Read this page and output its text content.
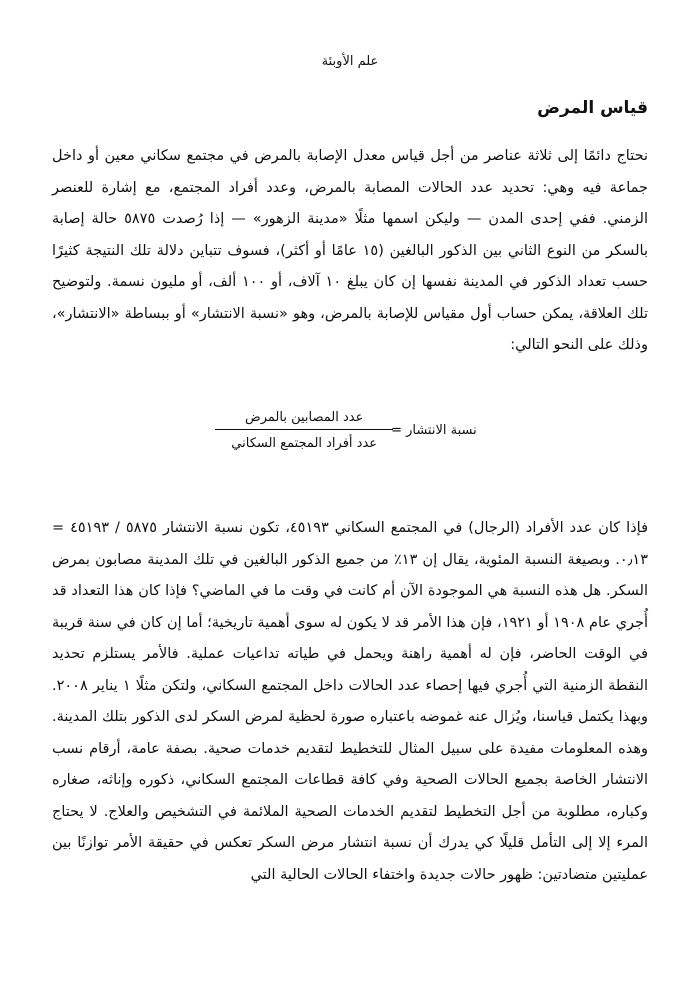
علم الأوبئة
قياس المرض

نحتاج دائمًا إلى ثلاثة عناصر من أجل قياس معدل الإصابة بالمرض في مجتمع سكاني معين أو داخل جماعة فيه وهي: تحديد عدد الحالات المصابة بالمرض، وعدد أفراد المجتمع، مع إشارة للعنصر الزمني. ففي إحدى المدن — وليكن اسمها مثلًا «مدينة الزهور» — إذا رُصدت ٥٨٧٥ حالة إصابة بالسكر من النوع الثاني بين الذكور البالغين (١٥ عامًا أو أكثر)، فسوف تتباين دلالة تلك النتيجة كثيرًا حسب تعداد الذكور في المدينة نفسها إن كان يبلغ ١٠ آلاف، أو ١٠٠ ألف، أو مليون نسمة. ولتوضيح تلك العلاقة، يمكن حساب أول مقياس للإصابة بالمرض، وهو «نسبة الانتشار» أو ببساطة «الانتشار»، وذلك على النحو التالي:

نسبة الانتشار =
$\frac{\text{عدد المصابين بالمرض}}{\text{عدد أفراد المجتمع السكاني}}$

فإذا كان عدد الأفراد (الرجال) في المجتمع السكاني ٤٥١٩٣، تكون نسبة الانتشار ٥٨٧٥ / ٤٥١٩٣ = ٠٫١٣. وبصيغة النسبة المئوية، يقال إن ١٣٪ من جميع الذكور البالغين في تلك المدينة مصابون بمرض السكر. هل هذه النسبة هي الموجودة الآن أم كانت في وقت ما في الماضي؟ فإذا كان هذا التعداد قد أُجري عام ١٩٠٨ أو ١٩٢١، فإن هذا الأمر قد لا يكون له سوى أهمية تاريخية؛ أما إن كان في سنة قريبة في الوقت الحاضر، فإن له أهمية راهنة ويحمل في طياته تداعيات عملية. فالأمر يستلزم تحديد النقطة الزمنية التي أُجري فيها إحصاء عدد الحالات داخل المجتمع السكاني، ولتكن مثلًا ١ يناير ٢٠٠٨. وبهذا يكتمل قياسنا، ويُزال عنه غموضه باعتباره صورة لحظية لمرض السكر لدى الذكور بتلك المدينة. وهذه المعلومات مفيدة على سبيل المثال للتخطيط لتقديم خدمات صحية. بصفة عامة، أرقام نسب الانتشار الخاصة بجميع الحالات الصحية وفي كافة قطاعات المجتمع السكاني، ذكوره وإناثه، صغاره وكباره، مطلوبة من أجل التخطيط لتقديم الخدمات الصحية الملائمة في التشخيص والعلاج. لا يحتاج المرء إلا إلى التأمل قليلًا كي يدرك أن نسبة انتشار مرض السكر تعكس في حقيقة الأمر توازنًا بين عمليتين متضادتين: ظهور حالات جديدة واختفاء الحالات الحالية التي
